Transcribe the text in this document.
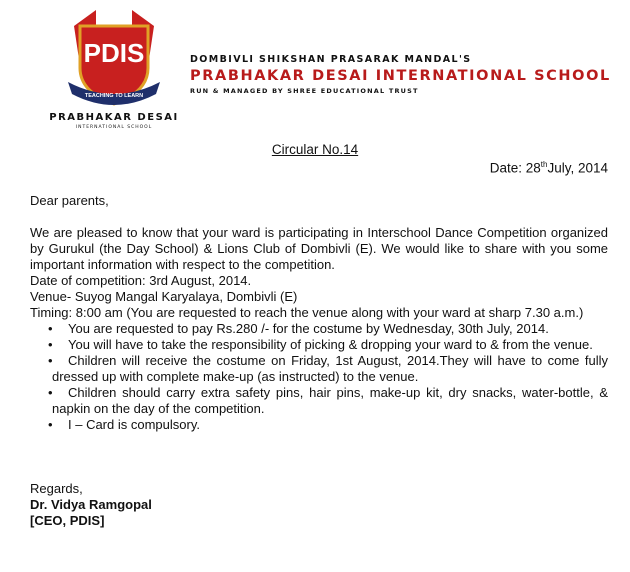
PDIS
TEACHING TO LEARN
PRABHAKAR DESAI
INTERNATIONAL SCHOOL

DOMBIVLI SHIKSHAN PRASARAK MANDAL'S

PRABHAKAR DESAI INTERNATIONAL SCHOOL

RUN & MANAGED BY SHREE EDUCATIONAL TRUST

Circular No.14
Date: 28thJuly, 2014

Dear parents,

We are pleased to know that your ward is participating in Interschool Dance Competition organized by Gurukul (the Day School) & Lions Club of Dombivli (E). We would like to share with you some important information with respect to the competition.

Date of competition: 3rd August, 2014.

Venue- Suyog Mangal Karyalaya, Dombivli (E)

Timing: 8:00 am (You are requested to reach the venue along with your ward at sharp 7.30 a.m.)

• You are requested to pay Rs.280 /- for the costume by Wednesday, 30th July, 2014.
• You will have to take the responsibility of picking & dropping your ward to & from the venue.
• Children will receive the costume on Friday, 1st August, 2014.They will have to come fully dressed up with complete make-up (as instructed) to the venue.
• Children should carry extra safety pins, hair pins, make-up kit, dry snacks, water-bottle, & napkin on the day of the competition.
• I – Card is compulsory.

Regards,

Dr. Vidya Ramgopal

[CEO, PDIS]
